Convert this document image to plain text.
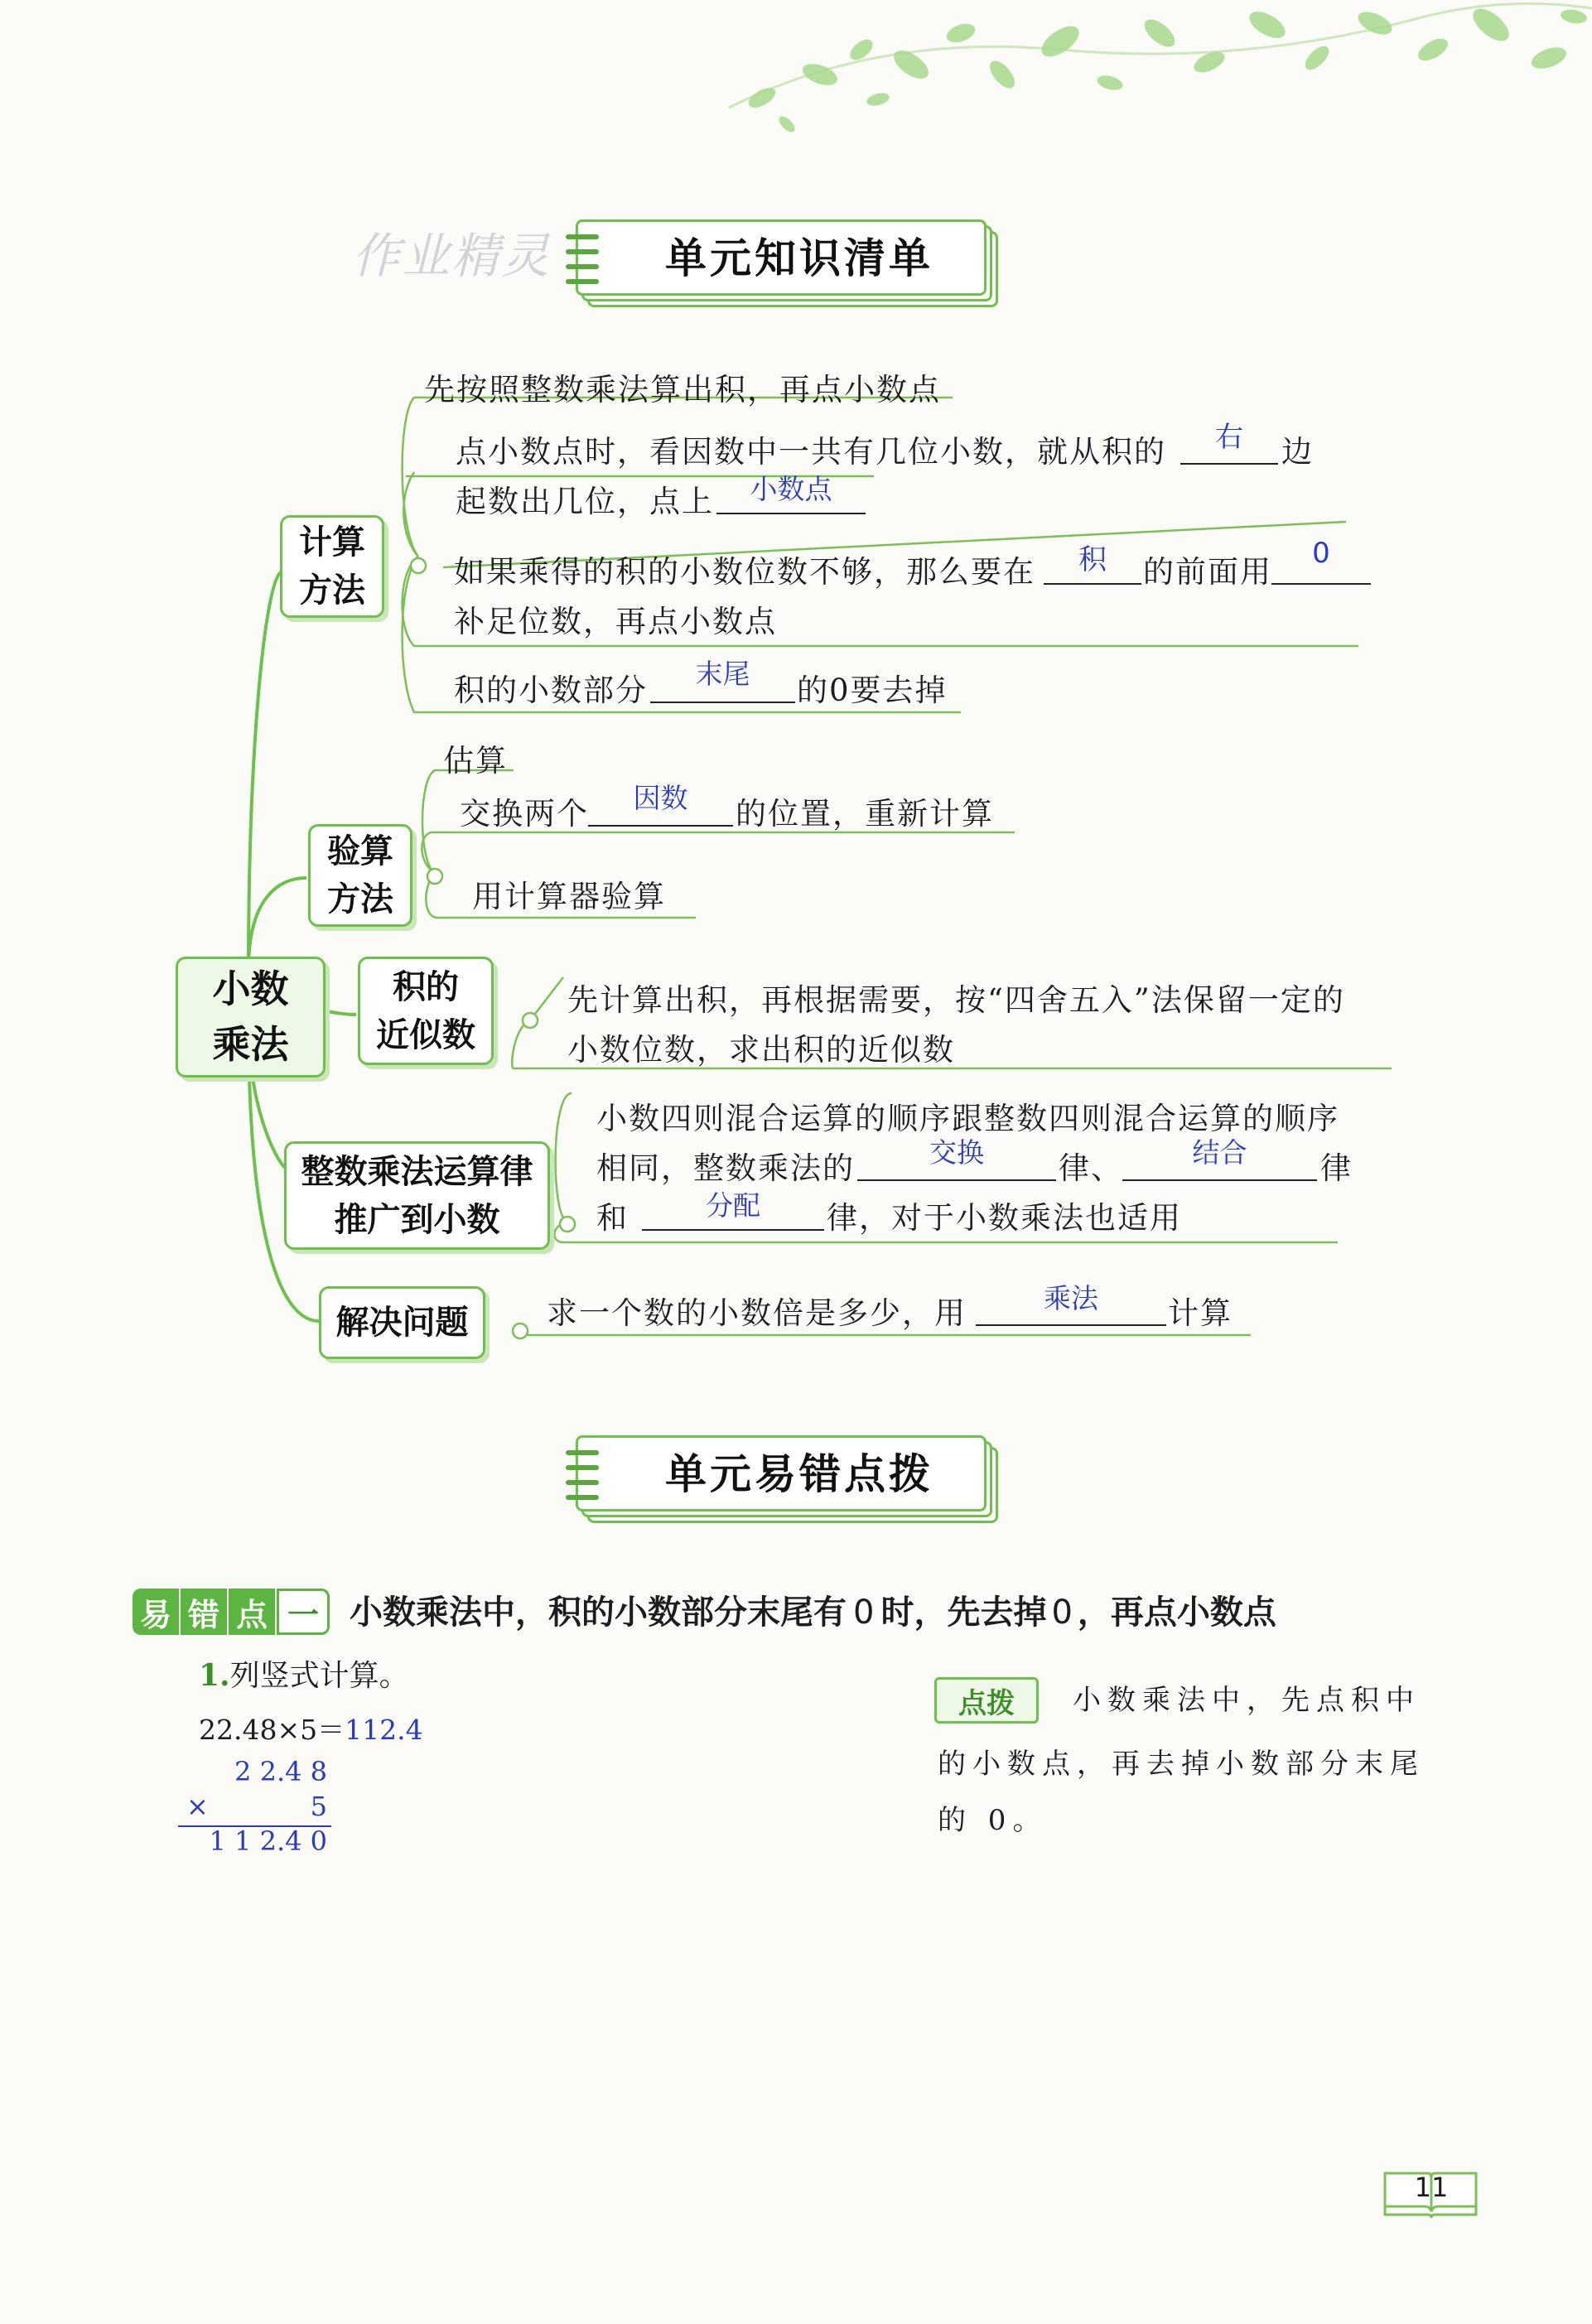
作业精灵	单元知识清单
小数
乘法
计算
方法
先按照整数乘法算出积，再点小数点
点小数点时，看因数中一共有几位小数，就从积的	右	边
起数出几位，点上	小数点
如果乘得的积的小数位数不够，那么要在	积	的前面用
0
补足位数，再点小数点
积的小数部分	末尾	的0要去掉
验算
方法
估算
交换两个	因数	的位置，重新计算
用计算器验算
积的
近似数
先计算出积，再根据需要，按“四舍五入”法保留一定的
小数位数，求出积的近似数
整数乘法运算律
推广到小数
小数四则混合运算的顺序跟整数四则混合运算的顺序
相同，整数乘法的	交换	律、	结合	律
和	分配	律，对于小数乘法也适用
解决问题	求一个数的小数倍是多少，用	乘法	计算
单元易错点拨
易 错 点 一 小数乘法中，积的小数部分末尾有 0 时，先去掉 0 ，再点小数点
1.列竖式计算。
22.48×5＝112.4
2 2.4 8
×	5
1 1 2.4 0
点拨	小数乘法中，先点积中
的小数点，再去掉小数部分末尾
的 0。
11
